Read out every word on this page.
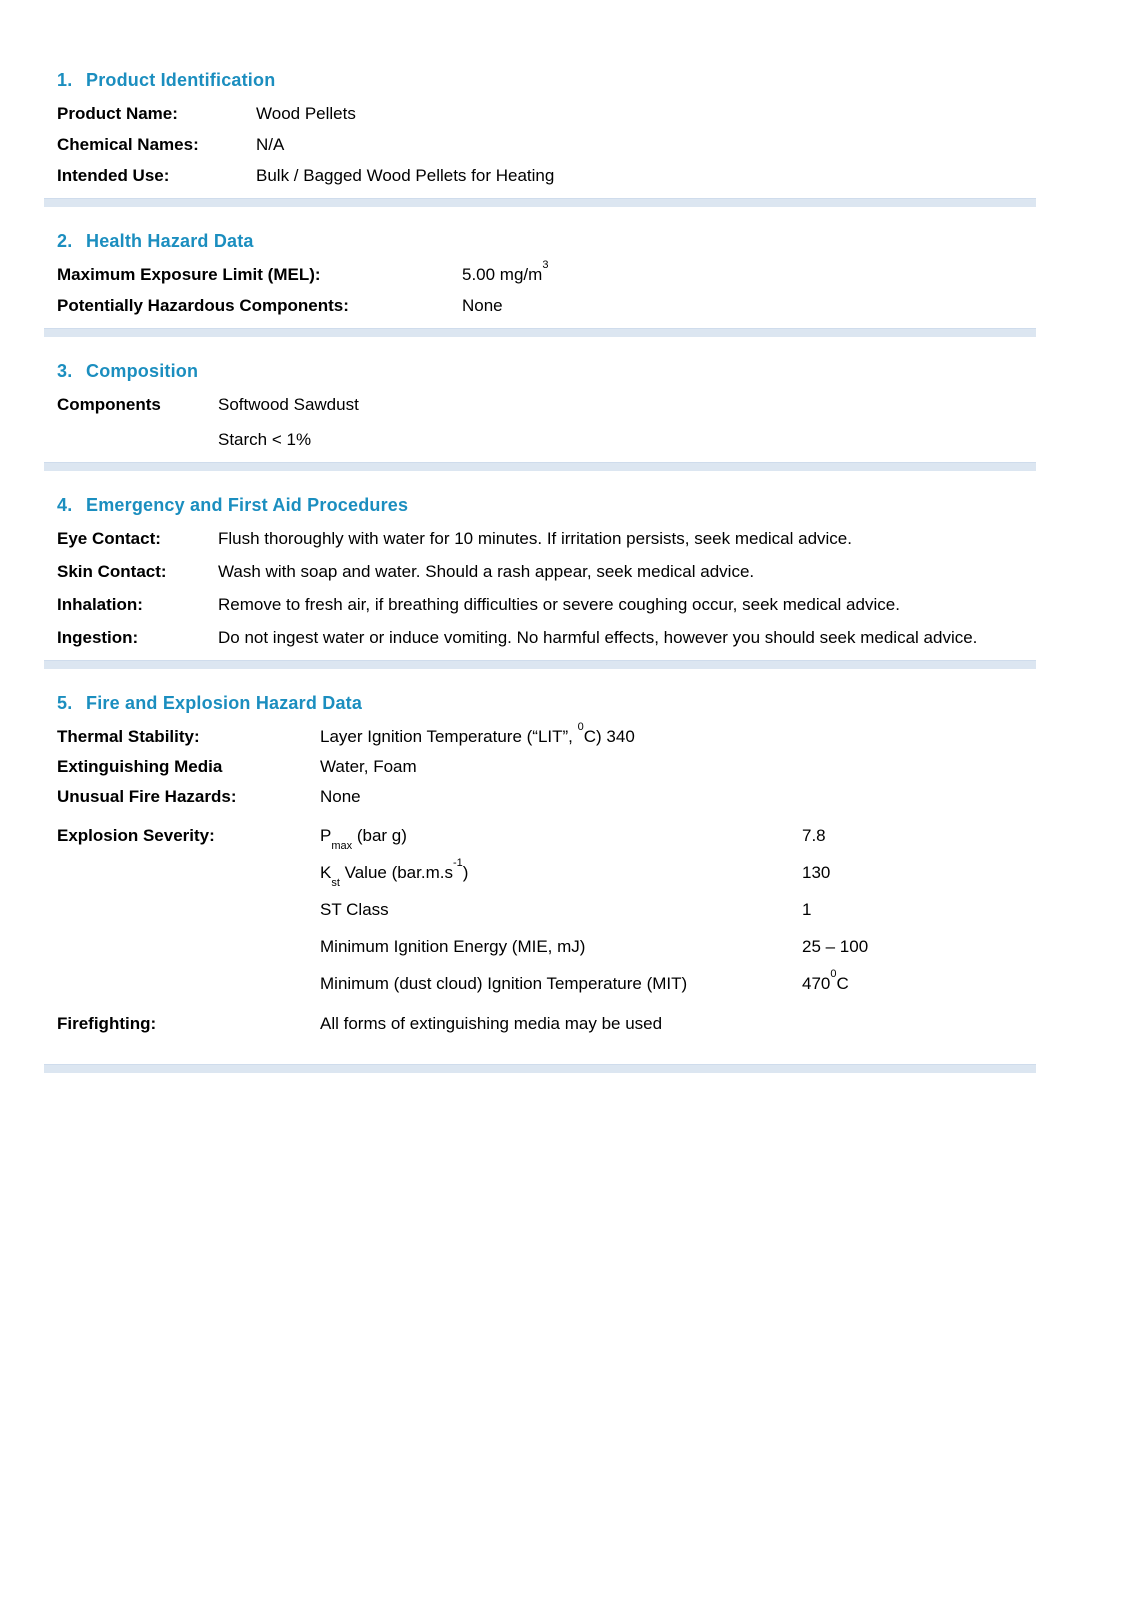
1. Product Identification
Product Name:	Wood Pellets
Chemical Names:	N/A
Intended Use:	Bulk / Bagged Wood Pellets for Heating
2. Health Hazard Data
Maximum Exposure Limit (MEL):	5.00 $mg/m^3$
Potentially Hazardous Components:	None
3. Composition
Components	Softwood Sawdust
Starch < 1%
4. Emergency and First Aid Procedures
Eye Contact:	Flush thoroughly with water for 10 minutes. If irritation persists, seek medical advice.
Skin Contact:	Wash with soap and water. Should a rash appear, seek medical advice.
Inhalation:	Remove to fresh air, if breathing difficulties or severe coughing occur, seek medical advice.
Ingestion:	Do not ingest water or induce vomiting. No harmful effects, however you should seek medical advice.
5. Fire and Explosion Hazard Data
Thermal Stability:	Layer Ignition Temperature (“LIT”, $^0$C) 340
Extinguishing Media	Water, Foam
Unusual Fire Hazards:	None
Explosion Severity:	$P_{max}$ (bar g)	7.8
$K_{st}$ Value $(bar.m.s^{-1})$	130
ST Class	1
Minimum Ignition Energy (MIE, mJ)	25 – 100
Minimum (dust cloud) Ignition Temperature (MIT)	$470^0C$
Firefighting:	All forms of extinguishing media may be used
